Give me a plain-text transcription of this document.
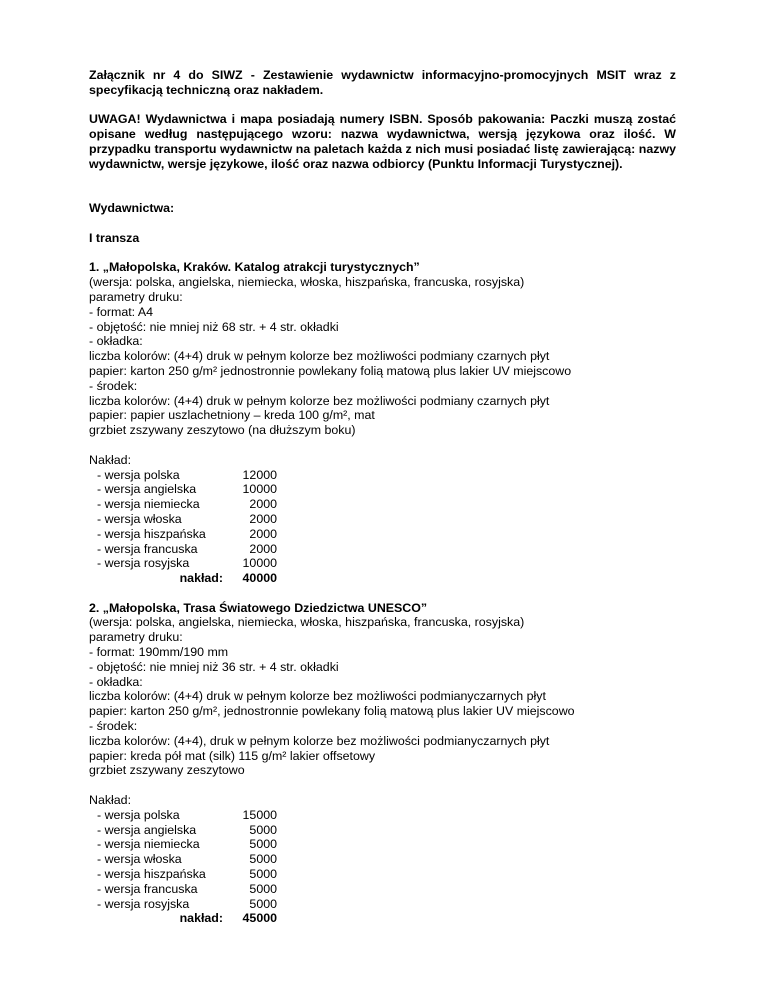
Załącznik nr 4 do SIWZ - Zestawienie wydawnictw informacyjno-promocyjnych MSIT wraz z specyfikacją techniczną oraz nakładem.
UWAGA! Wydawnictwa i mapa posiadają numery ISBN. Sposób pakowania: Paczki muszą zostać opisane według następującego wzoru: nazwa wydawnictwa, wersją językowa oraz ilość. W przypadku transportu wydawnictw na paletach każda z nich musi posiadać listę zawierającą: nazwy wydawnictw, wersje językowe, ilość oraz nazwa odbiorcy (Punktu Informacji Turystycznej).
Wydawnictwa:
I transza
1. „Małopolska, Kraków. Katalog atrakcji turystycznych”
(wersja: polska, angielska, niemiecka, włoska, hiszpańska, francuska, rosyjska)
parametry druku:
- format: A4
- objętość: nie mniej niż 68 str. + 4 str. okładki
- okładka:
liczba kolorów: (4+4) druk w pełnym kolorze bez możliwości podmiany czarnych płyt
papier: karton 250 g/m² jednostronnie powlekany folią matową plus lakier UV miejscowo
- środek:
liczba kolorów: (4+4) druk w pełnym kolorze bez możliwości podmiany czarnych płyt
papier: papier uszlachetniony – kreda 100 g/m², mat
grzbiet zszywany zeszytowo (na dłuższym boku)
Nakład:
- wersja polska	12000
- wersja angielska	10000
- wersja niemiecka	2000
- wersja włoska	2000
- wersja hiszpańska	2000
- wersja francuska	2000
- wersja rosyjska	10000
nakład:	40000
2. „Małopolska, Trasa Światowego Dziedzictwa UNESCO”
(wersja: polska, angielska, niemiecka, włoska, hiszpańska, francuska, rosyjska)
parametry druku:
- format: 190mm/190 mm
- objętość: nie mniej niż 36 str. + 4 str. okładki
- okładka:
liczba kolorów: (4+4) druk w pełnym kolorze bez możliwości podmianyczarnych płyt
papier: karton 250 g/m², jednostronnie powlekany folią matową plus lakier UV miejscowo
- środek:
liczba kolorów: (4+4), druk w pełnym kolorze bez możliwości podmianyczarnych płyt
papier: kreda pół mat (silk) 115 g/m² lakier offsetowy
grzbiet zszywany zeszytowo
Nakład:
- wersja polska	15000
- wersja angielska	5000
- wersja niemiecka	5000
- wersja włoska	5000
- wersja hiszpańska	5000
- wersja francuska	5000
- wersja rosyjska	5000
nakład:	45000
